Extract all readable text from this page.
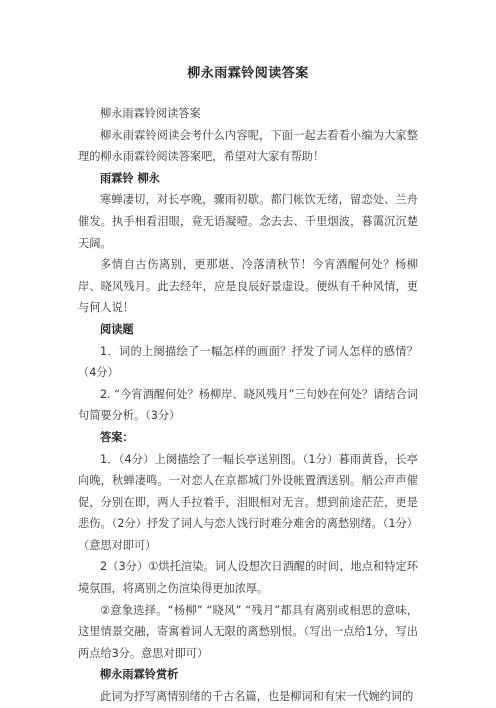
柳永雨霖铃阅读答案
柳永雨霖铃阅读答案
柳永雨霖铃阅读会考什么内容呢，下面一起去看看小编为大家整理的柳永雨霖铃阅读答案吧，希望对大家有帮助！
雨霖铃 柳永
寒蝉凄切，对长亭晚，骤雨初歇。都门帐饮无绪，留恋处、兰舟催发。执手相看泪眼，竟无语凝噎。念去去、千里烟波，暮霭沉沉楚天阔。
多情自古伤离别，更那堪、冷落清秋节！今宵酒醒何处？杨柳岸、晓风残月。此去经年，应是良辰好景虚设。便纵有千种风情，更与何人说！
阅读题
1．词的上阕描绘了一幅怎样的画面？抒发了词人怎样的感情？（4分）
2. “今宵酒醒何处？杨柳岸、晓风残月”三句妙在何处？请结合词句简要分析。（3分）
答案：
1．（4分）上阕描绘了一幅长亭送别图。（1分）暮雨黄昏，长亭向晚，秋蝉凄鸣。一对恋人在京都城门外设帐置酒送别。艄公声声催促，分别在即，两人手拉着手，泪眼相对无言。想到前途茫茫，更是悲伤。（2分）抒发了词人与恋人饯行时难分难舍的离愁别绪。（1分）（意思对即可）
2（3分）①烘托渲染。词人设想次日酒醒的时间、地点和特定环境氛围，将离别之伤渲染得更加浓厚。
②意象选择。“杨柳” “晓风” “残月”都具有离别或相思的意味，这里情景交融，寄寓着词人无限的离愁别恨。（写出一点给1分，写出两点给3分。意思对即可）
柳永雨霖铃赏析
此词为抒写离情别绪的千古名篇，也是柳词和有宋一代婉约词的
